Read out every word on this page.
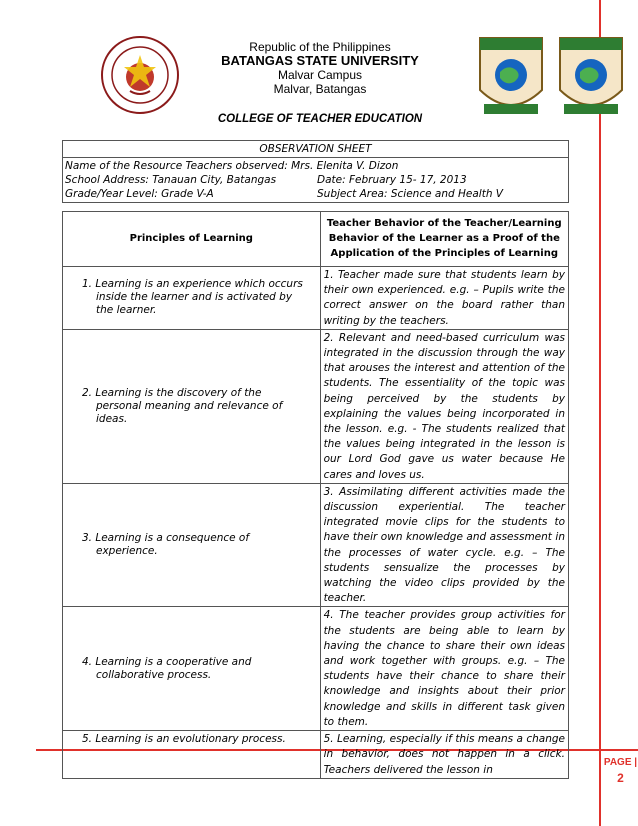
Republic of the Philippines
BATANGAS STATE UNIVERSITY
Malvar Campus
Malvar, Batangas
COLLEGE OF TEACHER EDUCATION
OBSERVATION SHEET

Name of the Resource Teachers observed: Mrs. Elenita V. Dizon
School Address: Tanauan City, Batangas	Date: February 15- 17, 2013
Grade/Year Level: Grade V-A	Subject Area: Science and Health V
Principles of Learning	Teacher Behavior of the Teacher/Learning Behavior of the Learner as a Proof of the Application of the Principles of Learning

1. Learning is an experience which occurs inside the learner and is activated by the learner.	1. Teacher made sure that students learn by their own experienced. e.g. – Pupils write the correct answer on the board rather than writing by the teachers.

2. Learning is the discovery of the personal meaning and relevance of ideas.	2. Relevant and need-based curriculum was integrated in the discussion through the way that arouses the interest and attention of the students. The essentiality of the topic was being perceived by the students by explaining the values being incorporated in the lesson. e.g. - The students realized that the values being integrated in the lesson is our Lord God gave us water because He cares and loves us.

3. Learning is a consequence of experience.	3. Assimilating different activities made the discussion experiential. The teacher integrated movie clips for the students to have their own knowledge and assessment in the processes of water cycle. e.g. – The students sensualize the processes by watching the video clips provided by the teacher.

4. Learning is a cooperative and collaborative process.	4. The teacher provides group activities for the students are being able to learn by having the chance to share their own ideas and work together with groups. e.g. – The students have their chance to share their knowledge and insights about their prior knowledge and skills in different task given to them.

5. Learning is an evolutionary process.	5. Learning, especially if this means a change in behavior, does not happen in a click. Teachers delivered the lesson in
PAGE |
2
